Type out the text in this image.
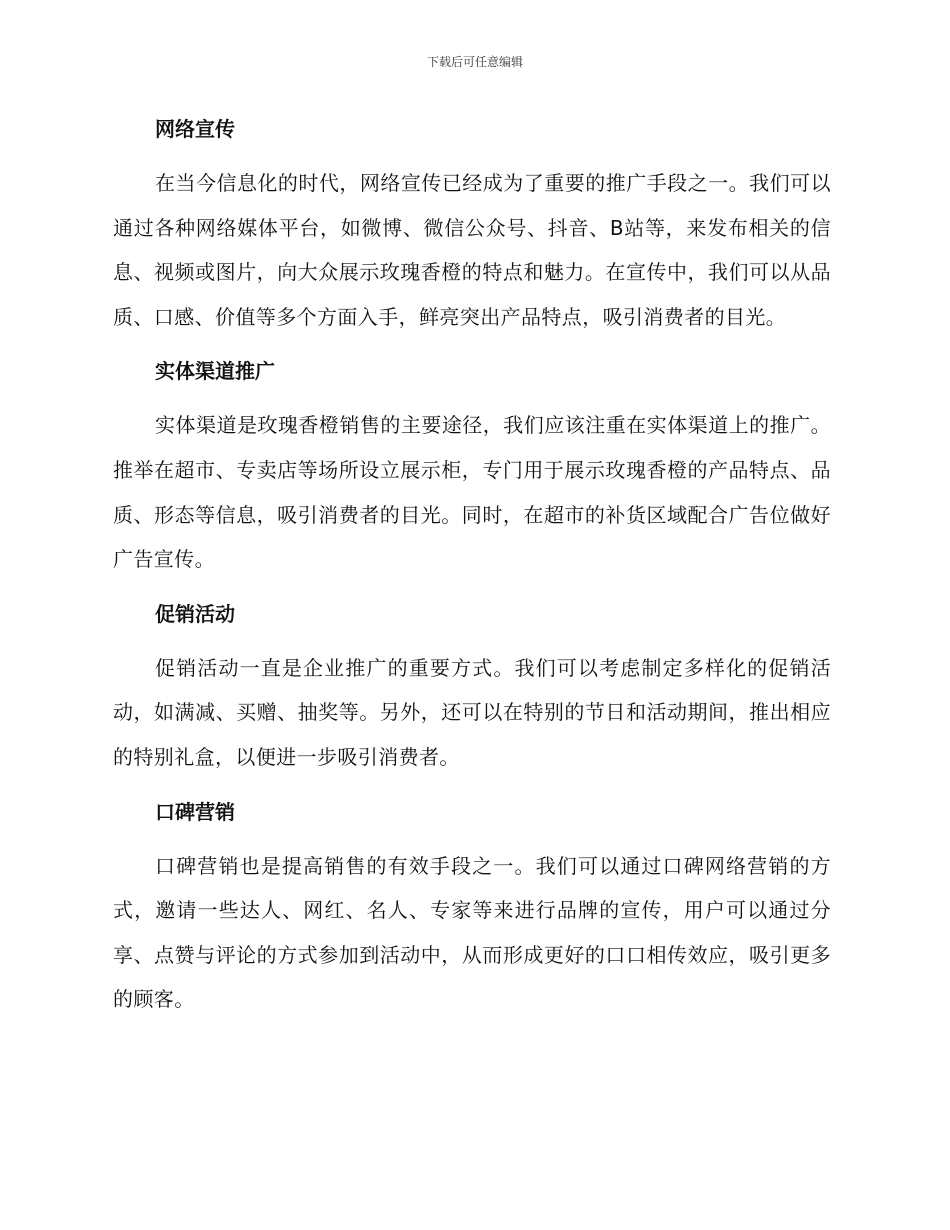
下载后可任意编辑
网络宣传

在当今信息化的时代，网络宣传已经成为了重要的推广手段之一。我们可以通过各种网络媒体平台，如微博、微信公众号、抖音、B站等，来发布相关的信息、视频或图片，向大众展示玫瑰香橙的特点和魅力。在宣传中，我们可以从品质、口感、价值等多个方面入手，鲜亮突出产品特点，吸引消费者的目光。

实体渠道推广

实体渠道是玫瑰香橙销售的主要途径，我们应该注重在实体渠道上的推广。推举在超市、专卖店等场所设立展示柜，专门用于展示玫瑰香橙的产品特点、品质、形态等信息，吸引消费者的目光。同时，在超市的补货区域配合广告位做好广告宣传。

促销活动

促销活动一直是企业推广的重要方式。我们可以考虑制定多样化的促销活动，如满减、买赠、抽奖等。另外，还可以在特别的节日和活动期间，推出相应的特别礼盒，以便进一步吸引消费者。

口碑营销

口碑营销也是提高销售的有效手段之一。我们可以通过口碑网络营销的方式，邀请一些达人、网红、名人、专家等来进行品牌的宣传，用户可以通过分享、点赞与评论的方式参加到活动中，从而形成更好的口口相传效应，吸引更多的顾客。
